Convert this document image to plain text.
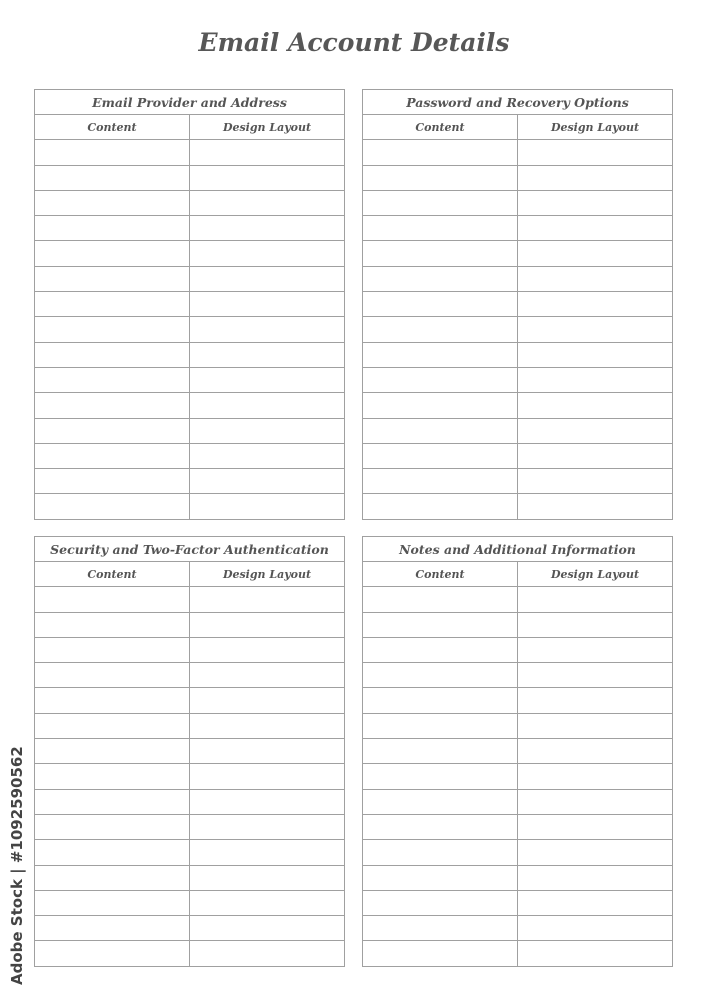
Email Account Details
Email Provider and Address	
Content	Design Layout

Password and Recovery Options	
Content	Design Layout

Security and Two-Factor Authentication	
Content	Design Layout

Notes and Additional Information	
Content	Design Layout

Adobe Stock | #1092590562
